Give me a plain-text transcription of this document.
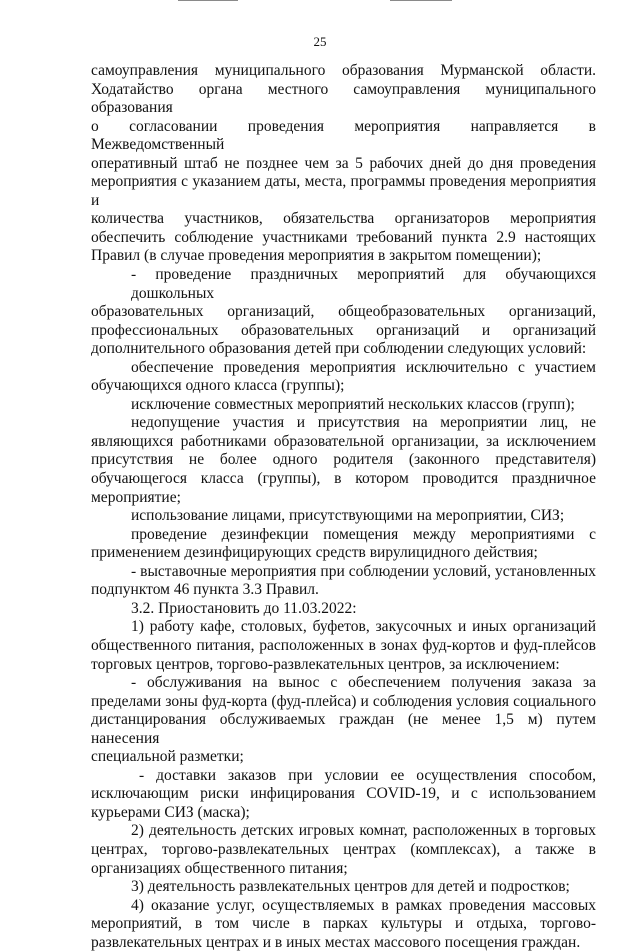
25

самоуправления муниципального образования Мурманской области.

Ходатайство органа местного самоуправления муниципального образования

о согласовании проведения мероприятия направляется в Межведомственный

оперативный штаб не позднее чем за 5 рабочих дней до дня проведения

мероприятия с указанием даты, места, программы проведения мероприятия и

количества участников, обязательства организаторов мероприятия

обеспечить соблюдение участниками требований пункта 2.9 настоящих

Правил (в случае проведения мероприятия в закрытом помещении);

- проведение праздничных мероприятий для обучающихся дошкольных

образовательных организаций, общеобразовательных организаций,

профессиональных образовательных организаций и организаций

дополнительного образования детей при соблюдении следующих условий:

обеспечение проведения мероприятия исключительно с участием

обучающихся одного класса (группы);

исключение совместных мероприятий нескольких классов (групп);

недопущение участия и присутствия на мероприятии лиц, не

являющихся работниками образовательной организации, за исключением

присутствия не более одного родителя (законного представителя)

обучающегося класса (группы), в котором проводится праздничное

мероприятие;

использование лицами, присутствующими на мероприятии, СИЗ;

проведение дезинфекции помещения между мероприятиями с

применением дезинфицирующих средств вирулицидного действия;

- выставочные мероприятия при соблюдении условий, установленных

подпунктом 46 пункта 3.3 Правил.

3.2. Приостановить до 11.03.2022:

1) работу кафе, столовых, буфетов, закусочных и иных организаций

общественного питания, расположенных в зонах фуд-кортов и фуд-плейсов

торговых центров, торгово-развлекательных центров, за исключением:

- обслуживания на вынос с обеспечением получения заказа за

пределами зоны фуд-корта (фуд-плейса) и соблюдения условия социального

дистанцирования обслуживаемых граждан (не менее 1,5 м) путем нанесения

специальной разметки;

- доставки заказов при условии ее осуществления способом,

исключающим риски инфицирования COVID-19, и с использованием

курьерами СИЗ (маска);

2) деятельность детских игровых комнат, расположенных в торговых

центрах, торгово-развлекательных центрах (комплексах), а также в

организациях общественного питания;

3) деятельность развлекательных центров для детей и подростков;

4) оказание услуг, осуществляемых в рамках проведения массовых

мероприятий, в том числе в парках культуры и отдыха, торгово-

развлекательных центрах и в иных местах массового посещения граждан.
